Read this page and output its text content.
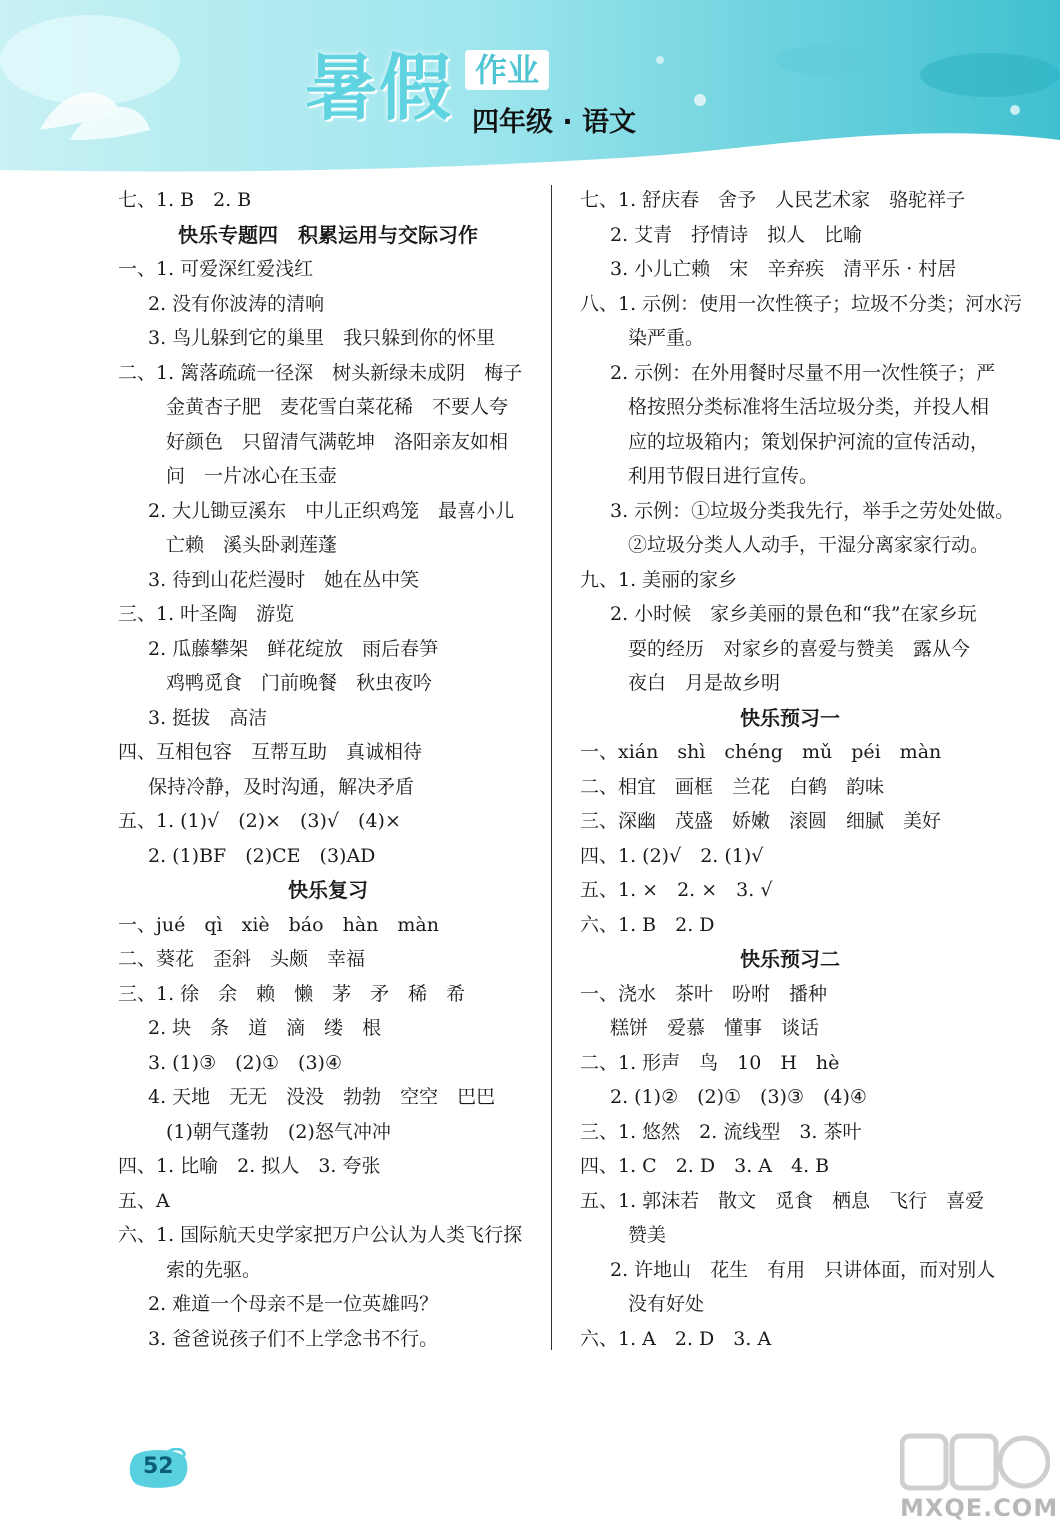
暑假 作业
四年级 · 语文
七、1. B　2. B
快乐专题四　积累运用与交际习作
一、1. 可爱深红爱浅红
2. 没有你波涛的清响
3. 鸟儿躲到它的巢里　我只躲到你的怀里
二、1. 篱落疏疏一径深　树头新绿未成阴　梅子
金黄杏子肥　麦花雪白菜花稀　不要人夸
好颜色　只留清气满乾坤　洛阳亲友如相
问　一片冰心在玉壶
2. 大儿锄豆溪东　中儿正织鸡笼　最喜小儿
亡赖　溪头卧剥莲蓬
3. 待到山花烂漫时　她在丛中笑
三、1. 叶圣陶　游览
2. 瓜藤攀架　鲜花绽放　雨后春笋
鸡鸭觅食　门前晚餐　秋虫夜吟
3. 挺拔　高洁
四、互相包容　互帮互助　真诚相待
保持冷静，及时沟通，解决矛盾
五、1. (1)√　(2)×　(3)√　(4)×
2. (1)BF　(2)CE　(3)AD
快乐复习
一、jué　qì　xiè　báo　hàn　màn
二、葵花　歪斜　头颇　幸福
三、1. 徐　余　赖　懒　茅　矛　稀　希
2. 块　条　道　滴　缕　根
3. (1)③　(2)①　(3)④
4. 天地　无无　没没　勃勃　空空　巴巴
(1)朝气蓬勃　(2)怒气冲冲
四、1. 比喻　2. 拟人　3. 夸张
五、A
六、1. 国际航天史学家把万户公认为人类飞行探
索的先驱。
2. 难道一个母亲不是一位英雄吗？
3. 爸爸说孩子们不上学念书不行。
七、1. 舒庆春　舍予　人民艺术家　骆驼祥子
2. 艾青　抒情诗　拟人　比喻
3. 小儿亡赖　宋　辛弃疾　清平乐 · 村居
八、1. 示例：使用一次性筷子；垃圾不分类；河水污
染严重。
2. 示例：在外用餐时尽量不用一次性筷子；严
格按照分类标准将生活垃圾分类，并投人相
应的垃圾箱内；策划保护河流的宣传活动，
利用节假日进行宣传。
3. 示例：①垃圾分类我先行，举手之劳处处做。
②垃圾分类人人动手，干湿分离家家行动。
九、1. 美丽的家乡
2. 小时候　家乡美丽的景色和“我”在家乡玩
耍的经历　对家乡的喜爱与赞美　露从今
夜白　月是故乡明
快乐预习一
一、xián　shì　chéng　mǔ　péi　màn
二、相宜　画框　兰花　白鹤　韵味
三、深幽　茂盛　娇嫩　滚圆　细腻　美好
四、1. (2)√　2. (1)√
五、1. ×　2. ×　3. √
六、1. B　2. D
快乐预习二
一、浇水　茶叶　吩咐　播种
糕饼　爱慕　懂事　谈话
二、1. 形声　鸟　10　H　hè
2. (1)②　(2)①　(3)③　(4)④
三、1. 悠然　2. 流线型　3. 茶叶
四、1. C　2. D　3. A　4. B
五、1. 郭沫若　散文　觅食　栖息　飞行　喜爱
赞美
2. 许地山　花生　有用　只讲体面，而对别人
没有好处
六、1. A　2. D　3. A
52
MXQE.COM
